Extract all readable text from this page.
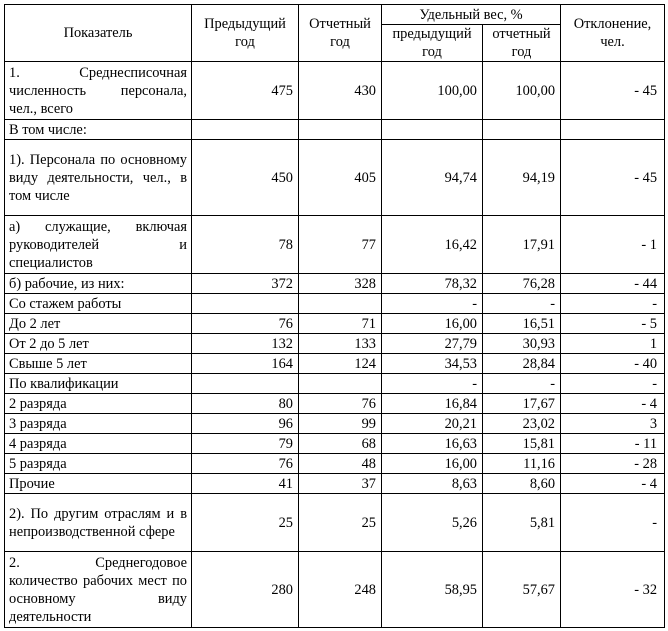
Показатель	Предыдущий год	Отчетный год	Удельный вес, %		Отклонение, чел.
			предыдущий год	отчетный год	
1. Среднесписочная численность персонала, чел., всего	475	430	100,00	100,00	- 45
В том числе:					
1). Персонала по основному виду деятельности, чел., в том числе	450	405	94,74	94,19	- 45
а) служащие, включая руководителей и специалистов	78	77	16,42	17,91	- 1
б) рабочие, из них:	372	328	78,32	76,28	- 44
Со стажем работы			-	-	-
До 2 лет	76	71	16,00	16,51	- 5
От 2 до 5 лет	132	133	27,79	30,93	1
Свыше 5 лет	164	124	34,53	28,84	- 40
По квалификации			-	-	-
2 разряда	80	76	16,84	17,67	- 4
3 разряда	96	99	20,21	23,02	3
4 разряда	79	68	16,63	15,81	- 11
5 разряда	76	48	16,00	11,16	- 28
Прочие	41	37	8,63	8,60	- 4
2). По другим отраслям и в непроизводственной сфере	25	25	5,26	5,81	-
2. Среднегодовое количество рабочих мест по основному виду деятельности	280	248	58,95	57,67	- 32
